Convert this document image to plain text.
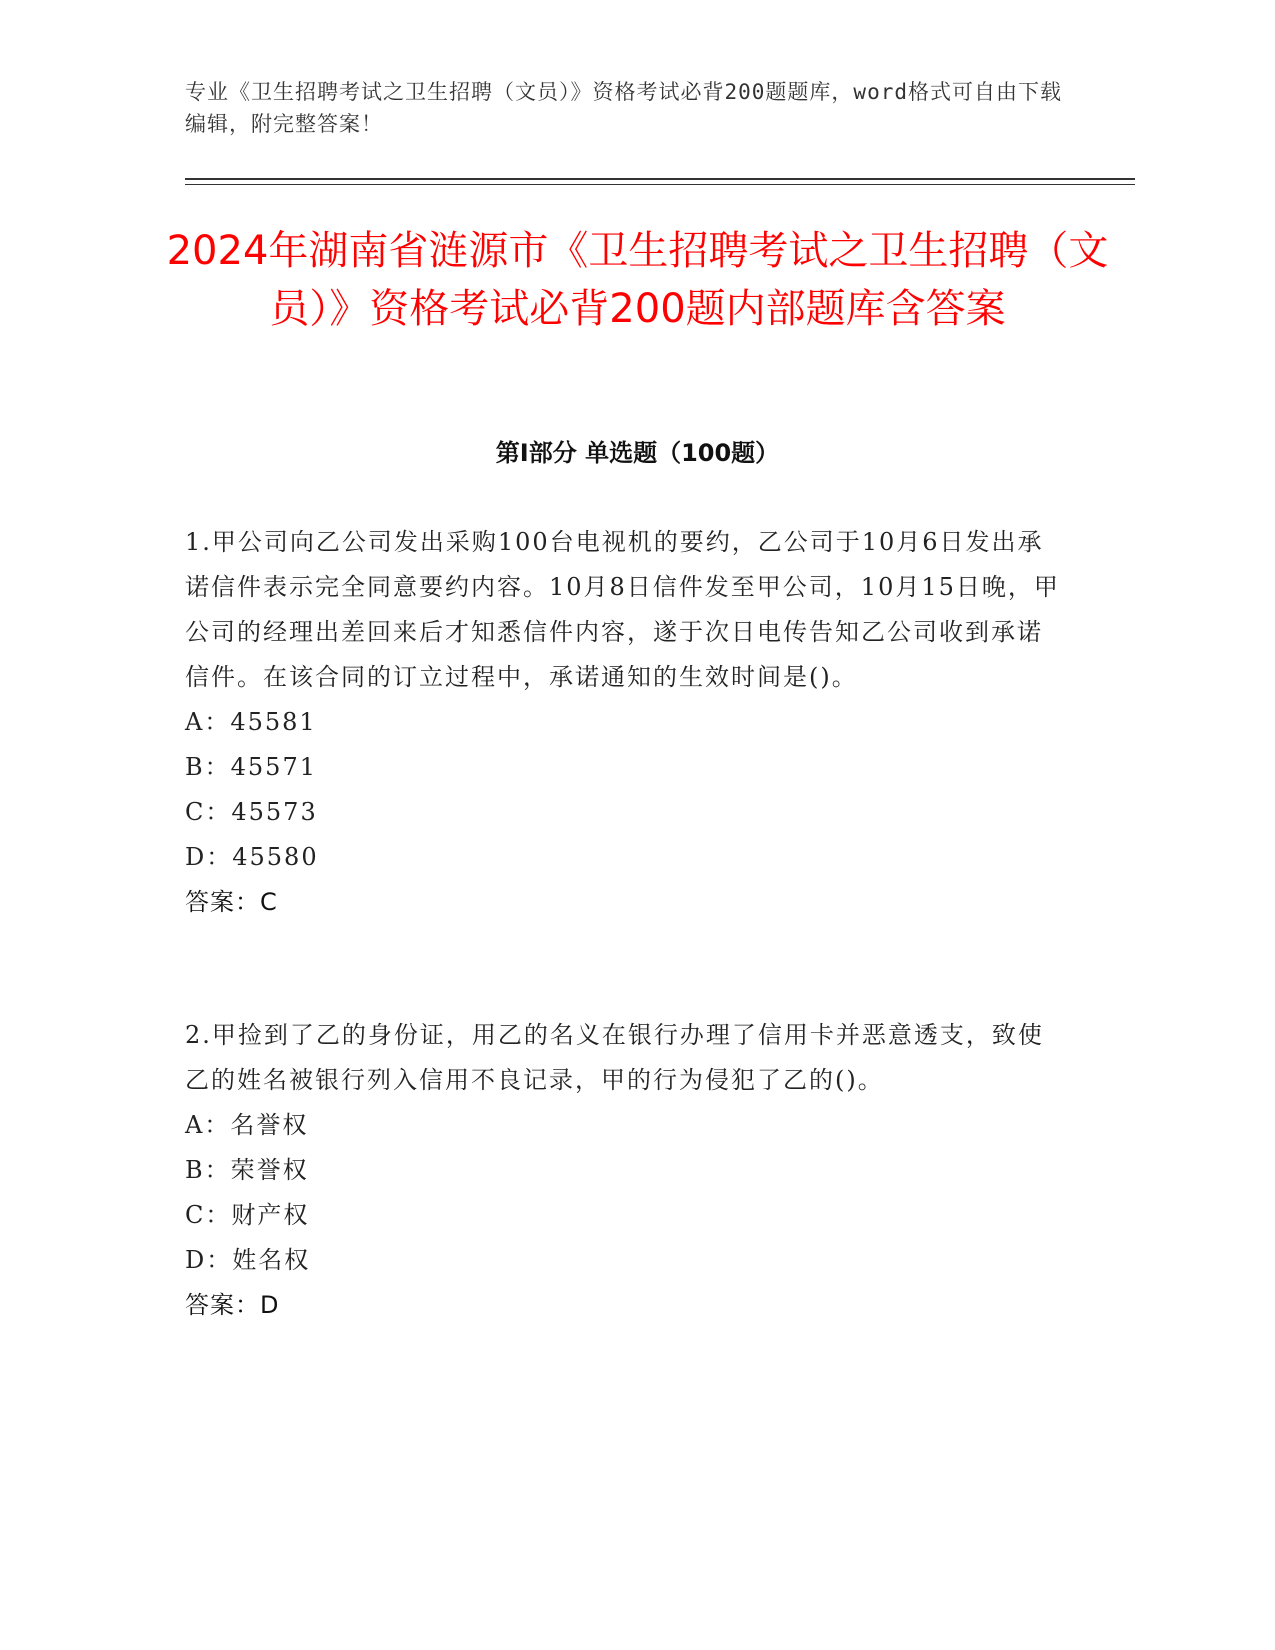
专业《卫生招聘考试之卫生招聘（文员）》资格考试必背200题题库，word格式可自由下载编辑，附完整答案！
2024年湖南省涟源市《卫生招聘考试之卫生招聘（文员）》资格考试必背200题内部题库含答案
第Ⅰ部分 单选题（100题）

1.甲公司向乙公司发出采购100台电视机的要约，乙公司于10月6日发出承诺信件表示完全同意要约内容。10月8日信件发至甲公司，10月15日晚，甲公司的经理出差回来后才知悉信件内容，遂于次日电传告知乙公司收到承诺信件。在该合同的订立过程中，承诺通知的生效时间是()。

A：45581
B：45571
C：45573
D：45580
答案：C

2.甲捡到了乙的身份证，用乙的名义在银行办理了信用卡并恶意透支，致使乙的姓名被银行列入信用不良记录，甲的行为侵犯了乙的()。

A：名誉权
B：荣誉权
C：财产权
D：姓名权
答案：D
